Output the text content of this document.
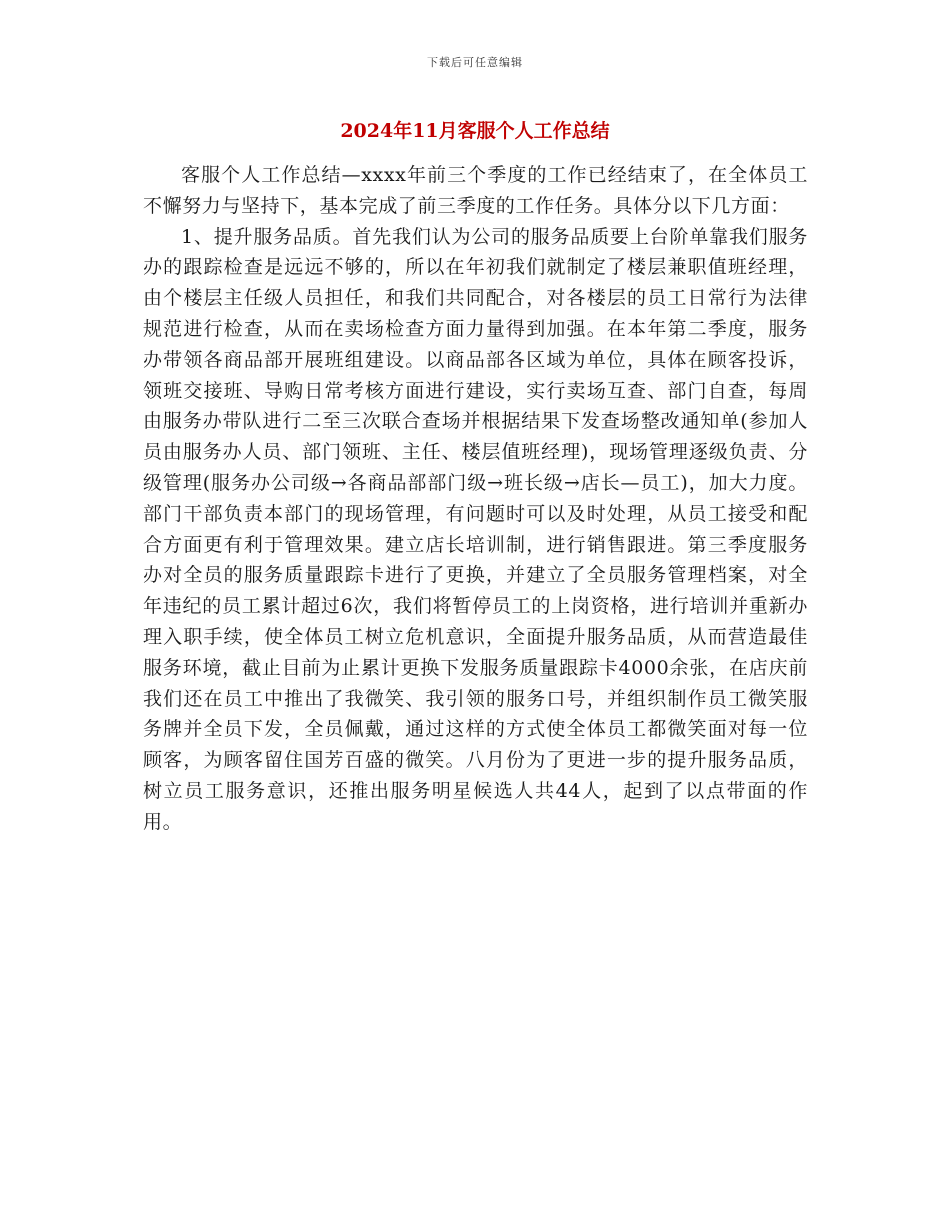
下载后可任意编辑
2024年11月客服个人工作总结

客服个人工作总结—xxxx年前三个季度的工作已经结束了，在全体员工不懈努力与坚持下，基本完成了前三季度的工作任务。具体分以下几方面：

1、提升服务品质。首先我们认为公司的服务品质要上台阶单靠我们服务办的跟踪检查是远远不够的，所以在年初我们就制定了楼层兼职值班经理，由个楼层主任级人员担任，和我们共同配合，对各楼层的员工日常行为法律规范进行检查，从而在卖场检查方面力量得到加强。在本年第二季度，服务办带领各商品部开展班组建设。以商品部各区域为单位，具体在顾客投诉，领班交接班、导购日常考核方面进行建设，实行卖场互查、部门自查，每周由服务办带队进行二至三次联合查场并根据结果下发查场整改通知单(参加人员由服务办人员、部门领班、主任、楼层值班经理)，现场管理逐级负责、分级管理(服务办公司级→各商品部部门级→班长级→店长—员工)，加大力度。部门干部负责本部门的现场管理，有问题时可以及时处理，从员工接受和配合方面更有利于管理效果。建立店长培训制，进行销售跟进。第三季度服务办对全员的服务质量跟踪卡进行了更换，并建立了全员服务管理档案，对全年违纪的员工累计超过6次，我们将暂停员工的上岗资格，进行培训并重新办理入职手续，使全体员工树立危机意识，全面提升服务品质，从而营造最佳服务环境，截止目前为止累计更换下发服务质量跟踪卡4000余张，在店庆前我们还在员工中推出了我微笑、我引领的服务口号，并组织制作员工微笑服务牌并全员下发，全员佩戴，通过这样的方式使全体员工都微笑面对每一位顾客，为顾客留住国芳百盛的微笑。八月份为了更进一步的提升服务品质，树立员工服务意识，还推出服务明星候选人共44人，起到了以点带面的作用。
